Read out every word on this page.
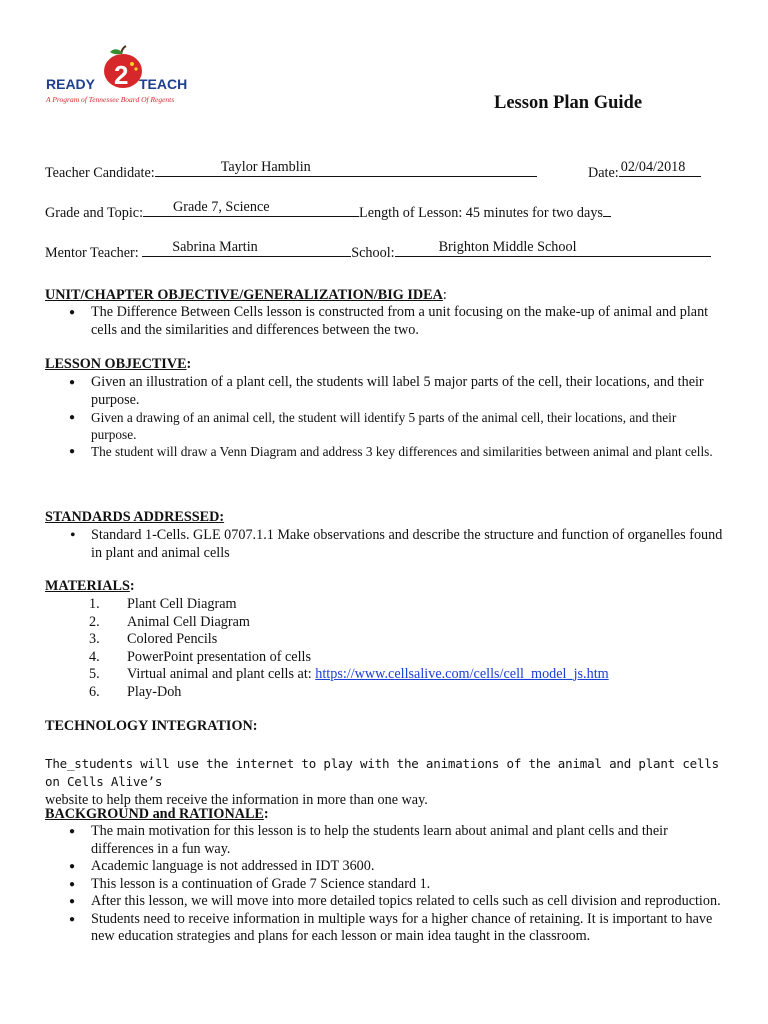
2
READY	TEACH
A Program of Tennessee Board Of Regents	Lesson Plan Guide
Teacher Candidate:	Taylor Hamblin	Date: 02/04/2018
Grade and Topic: Grade 7, Science	Length of Lesson: 45 minutes for two days
Mentor Teacher: Sabrina Martin	School:	Brighton Middle School
UNIT/CHAPTER OBJECTIVE/GENERALIZATION/BIG IDEA:
● The Difference Between Cells lesson is constructed from a unit focusing on the make-up of animal and plant cells and the similarities and differences between the two.
LESSON OBJECTIVE:
● Given an illustration of a plant cell, the students will label 5 major parts of the cell, their locations, and their purpose.
● Given a drawing of an animal cell, the student will identify 5 parts of the animal cell, their locations, and their purpose.
● The student will draw a Venn Diagram and address 3 key differences and similarities between animal and plant cells.
STANDARDS ADDRESSED:
• Standard 1-Cells. GLE 0707.1.1 Make observations and describe the structure and function of organelles found in plant and animal cells
MATERIALS:
1. Plant Cell Diagram
2. Animal Cell Diagram
3. Colored Pencils
4. PowerPoint presentation of cells
5. Virtual animal and plant cells at: https://www.cellsalive.com/cells/cell_model_js.htm
6. Play-Doh
TECHNOLOGY INTEGRATION:
The_students will use the internet to play with the animations of the animal and plant cells on Cells Alive’s
website to help them receive the information in more than one way.
BACKGROUND and RATIONALE:
● The main motivation for this lesson is to help the students learn about animal and plant cells and their differences in a fun way.
● Academic language is not addressed in IDT 3600.
● This lesson is a continuation of Grade 7 Science standard 1.
● After this lesson, we will move into more detailed topics related to cells such as cell division and reproduction.
● Students need to receive information in multiple ways for a higher chance of retaining. It is important to have new education strategies and plans for each lesson or main idea taught in the classroom.
